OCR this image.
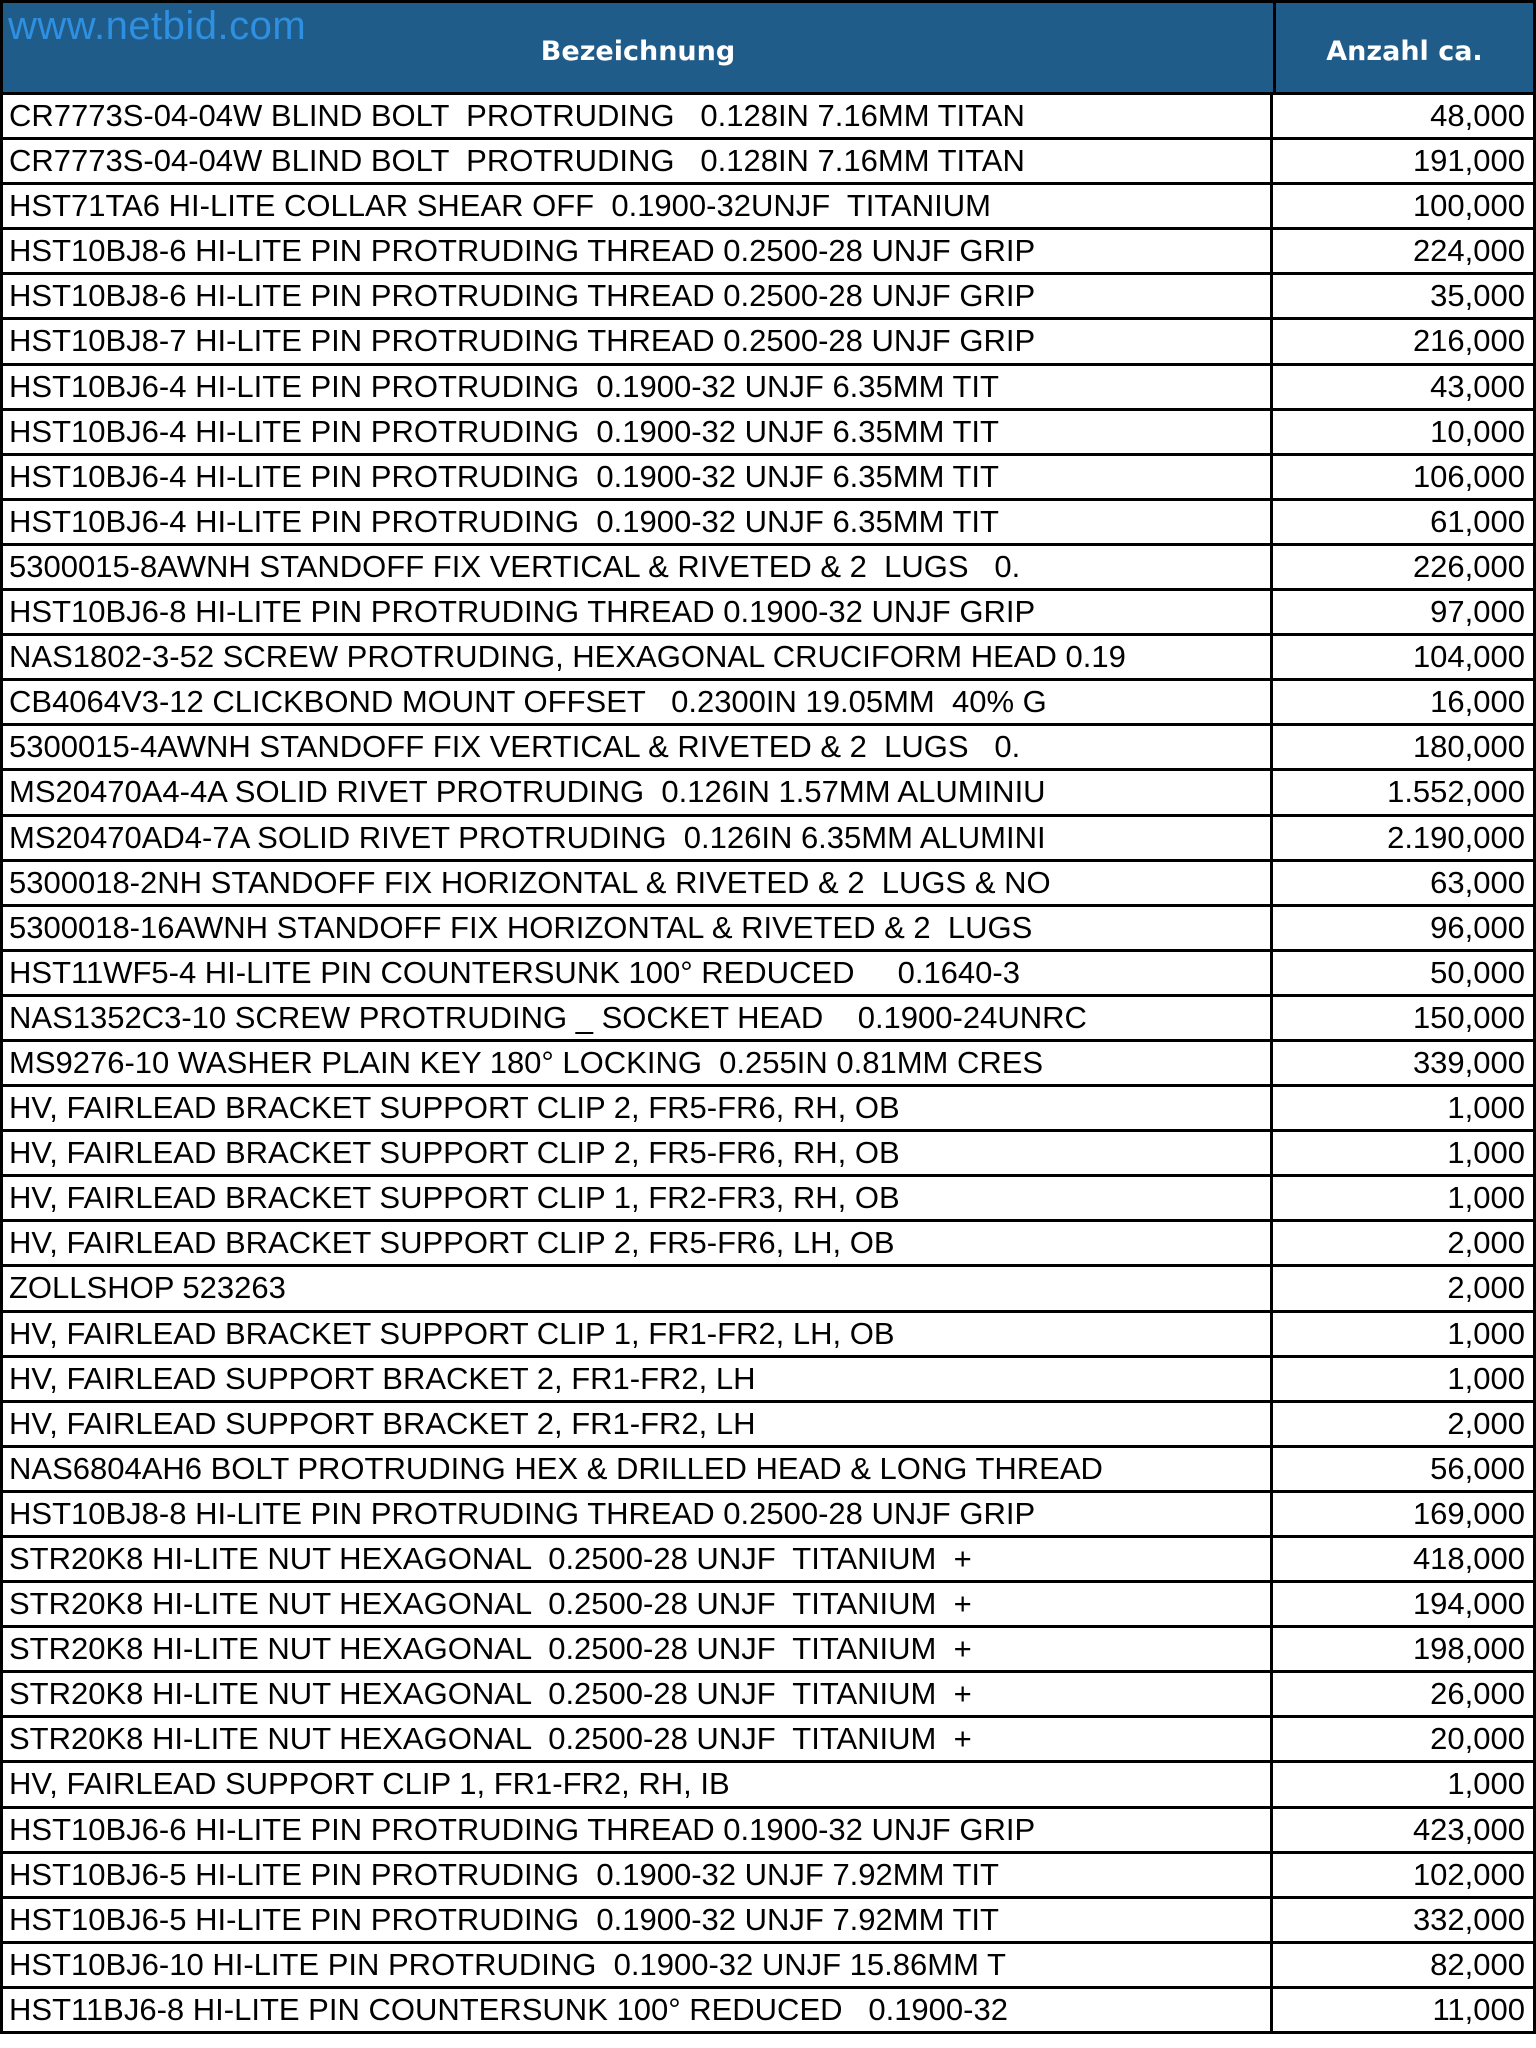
Bezeichnung	Anzahl ca.
www.netbid.com
CR7773S-04-04W BLIND BOLT  PROTRUDING   0.128IN 7.16MM TITAN	48,000
CR7773S-04-04W BLIND BOLT  PROTRUDING   0.128IN 7.16MM TITAN	191,000
HST71TA6 HI-LITE COLLAR SHEAR OFF  0.1900-32UNJF  TITANIUM	100,000
HST10BJ8-6 HI-LITE PIN PROTRUDING THREAD 0.2500-28 UNJF GRIP	224,000
HST10BJ8-6 HI-LITE PIN PROTRUDING THREAD 0.2500-28 UNJF GRIP	35,000
HST10BJ8-7 HI-LITE PIN PROTRUDING THREAD 0.2500-28 UNJF GRIP	216,000
HST10BJ6-4 HI-LITE PIN PROTRUDING  0.1900-32 UNJF 6.35MM TIT	43,000
HST10BJ6-4 HI-LITE PIN PROTRUDING  0.1900-32 UNJF 6.35MM TIT	10,000
HST10BJ6-4 HI-LITE PIN PROTRUDING  0.1900-32 UNJF 6.35MM TIT	106,000
HST10BJ6-4 HI-LITE PIN PROTRUDING  0.1900-32 UNJF 6.35MM TIT	61,000
5300015-8AWNH STANDOFF FIX VERTICAL & RIVETED & 2  LUGS   0.	226,000
HST10BJ6-8 HI-LITE PIN PROTRUDING THREAD 0.1900-32 UNJF GRIP	97,000
NAS1802-3-52 SCREW PROTRUDING, HEXAGONAL CRUCIFORM HEAD 0.19	104,000
CB4064V3-12 CLICKBOND MOUNT OFFSET   0.2300IN 19.05MM  40% G	16,000
5300015-4AWNH STANDOFF FIX VERTICAL & RIVETED & 2  LUGS   0.	180,000
MS20470A4-4A SOLID RIVET PROTRUDING  0.126IN 1.57MM ALUMINIU	1.552,000
MS20470AD4-7A SOLID RIVET PROTRUDING  0.126IN 6.35MM ALUMINI	2.190,000
5300018-2NH STANDOFF FIX HORIZONTAL & RIVETED & 2  LUGS & NO	63,000
5300018-16AWNH STANDOFF FIX HORIZONTAL & RIVETED & 2  LUGS	96,000
HST11WF5-4 HI-LITE PIN COUNTERSUNK 100° REDUCED     0.1640-3	50,000
NAS1352C3-10 SCREW PROTRUDING _ SOCKET HEAD    0.1900-24UNRC	150,000
MS9276-10 WASHER PLAIN KEY 180° LOCKING  0.255IN 0.81MM CRES	339,000
HV, FAIRLEAD BRACKET SUPPORT CLIP 2, FR5-FR6, RH, OB	1,000
HV, FAIRLEAD BRACKET SUPPORT CLIP 2, FR5-FR6, RH, OB	1,000
HV, FAIRLEAD BRACKET SUPPORT CLIP 1, FR2-FR3, RH, OB	1,000
HV, FAIRLEAD BRACKET SUPPORT CLIP 2, FR5-FR6, LH, OB	2,000
ZOLLSHOP 523263	2,000
HV, FAIRLEAD BRACKET SUPPORT CLIP 1, FR1-FR2, LH, OB	1,000
HV, FAIRLEAD SUPPORT BRACKET 2, FR1-FR2, LH	1,000
HV, FAIRLEAD SUPPORT BRACKET 2, FR1-FR2, LH	2,000
NAS6804AH6 BOLT PROTRUDING HEX & DRILLED HEAD & LONG THREAD	56,000
HST10BJ8-8 HI-LITE PIN PROTRUDING THREAD 0.2500-28 UNJF GRIP	169,000
STR20K8 HI-LITE NUT HEXAGONAL  0.2500-28 UNJF  TITANIUM  +	418,000
STR20K8 HI-LITE NUT HEXAGONAL  0.2500-28 UNJF  TITANIUM  +	194,000
STR20K8 HI-LITE NUT HEXAGONAL  0.2500-28 UNJF  TITANIUM  +	198,000
STR20K8 HI-LITE NUT HEXAGONAL  0.2500-28 UNJF  TITANIUM  +	26,000
STR20K8 HI-LITE NUT HEXAGONAL  0.2500-28 UNJF  TITANIUM  +	20,000
HV, FAIRLEAD SUPPORT CLIP 1, FR1-FR2, RH, IB	1,000
HST10BJ6-6 HI-LITE PIN PROTRUDING THREAD 0.1900-32 UNJF GRIP	423,000
HST10BJ6-5 HI-LITE PIN PROTRUDING  0.1900-32 UNJF 7.92MM TIT	102,000
HST10BJ6-5 HI-LITE PIN PROTRUDING  0.1900-32 UNJF 7.92MM TIT	332,000
HST10BJ6-10 HI-LITE PIN PROTRUDING  0.1900-32 UNJF 15.86MM T	82,000
HST11BJ6-8 HI-LITE PIN COUNTERSUNK 100° REDUCED   0.1900-32	11,000
